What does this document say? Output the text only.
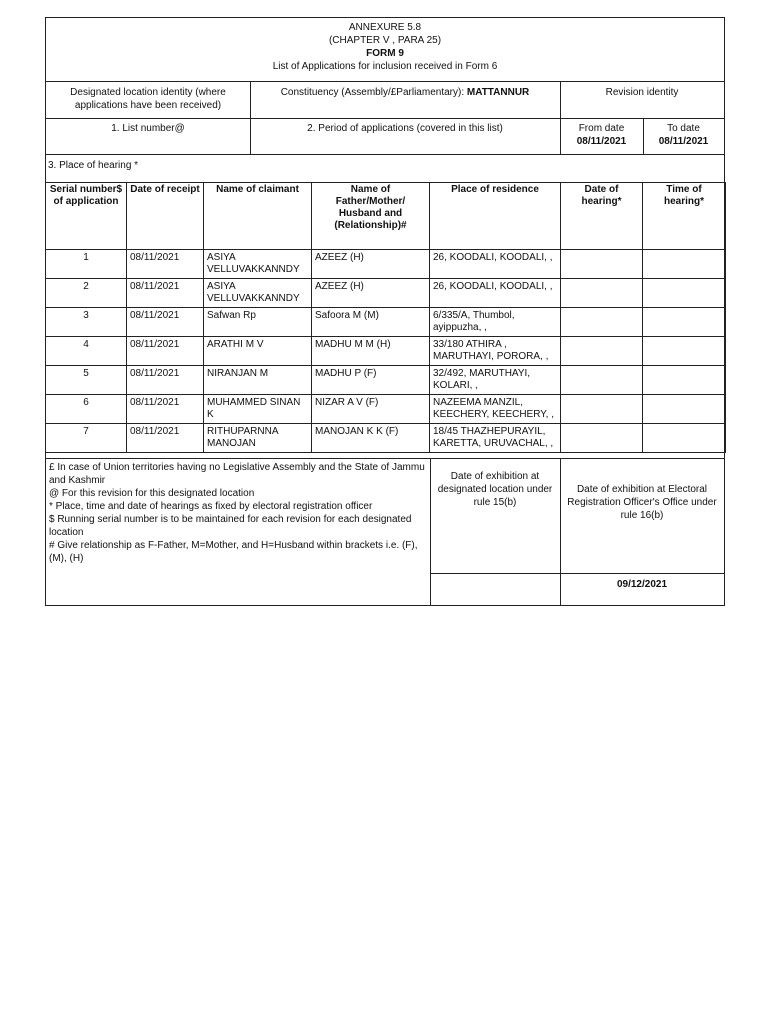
ANNEXURE 5.8
(CHAPTER V , PARA 25)
FORM 9
List of Applications for inclusion received in Form 6
Designated location identity (where applications have been received)
Constituency (Assembly/£Parliamentary): MATTANNUR	Revision identity
1. List number@	2. Period of applications (covered in this list)	From date
08/11/2021
To date
08/11/2021
3. Place of hearing *
Serial number$ of application	Date of receipt	Name of claimant	Name of Father/Mother/ Husband and (Relationship)#	Place of residence	Date of hearing*	Time of hearing*
1	08/11/2021	ASIYA VELLUVAKKANNDY	AZEEZ (H)	26, KOODALI, KOODALI, ,		
2	08/11/2021	ASIYA VELLUVAKKANNDY	AZEEZ (H)	26, KOODALI, KOODALI, ,		
3	08/11/2021	Safwan Rp	Safoora M (M)	6/335/A, Thumbol, ayippuzha, ,		
4	08/11/2021	ARATHI M V	MADHU M M (H)	33/180 ATHIRA , MARUTHAYI, PORORA, ,		
5	08/11/2021	NIRANJAN M	MADHU P (F)	32/492, MARUTHAYI, KOLARI, ,		
6	08/11/2021	MUHAMMED SINAN K	NIZAR A V (F)	NAZEEMA MANZIL, KEECHERY, KEECHERY, ,		
7	08/11/2021	RITHUPARNNA MANOJAN	MANOJAN K K (F)	18/45 THAZHEPURAYIL, KARETTA, URUVACHAL, ,		
£ In case of Union territories having no Legislative Assembly and the State of Jammu and Kashmir
@ For this revision for this designated location
* Place, time and date of hearings as fixed by electoral registration officer
$ Running serial number is to be maintained for each revision for each designated location
# Give relationship as F-Father, M=Mother, and H=Husband within brackets i.e. (F), (M), (H)
Date of exhibition at designated location under rule 15(b)
Date of exhibition at Electoral Registration Officer's Office under rule 16(b)
09/12/2021
